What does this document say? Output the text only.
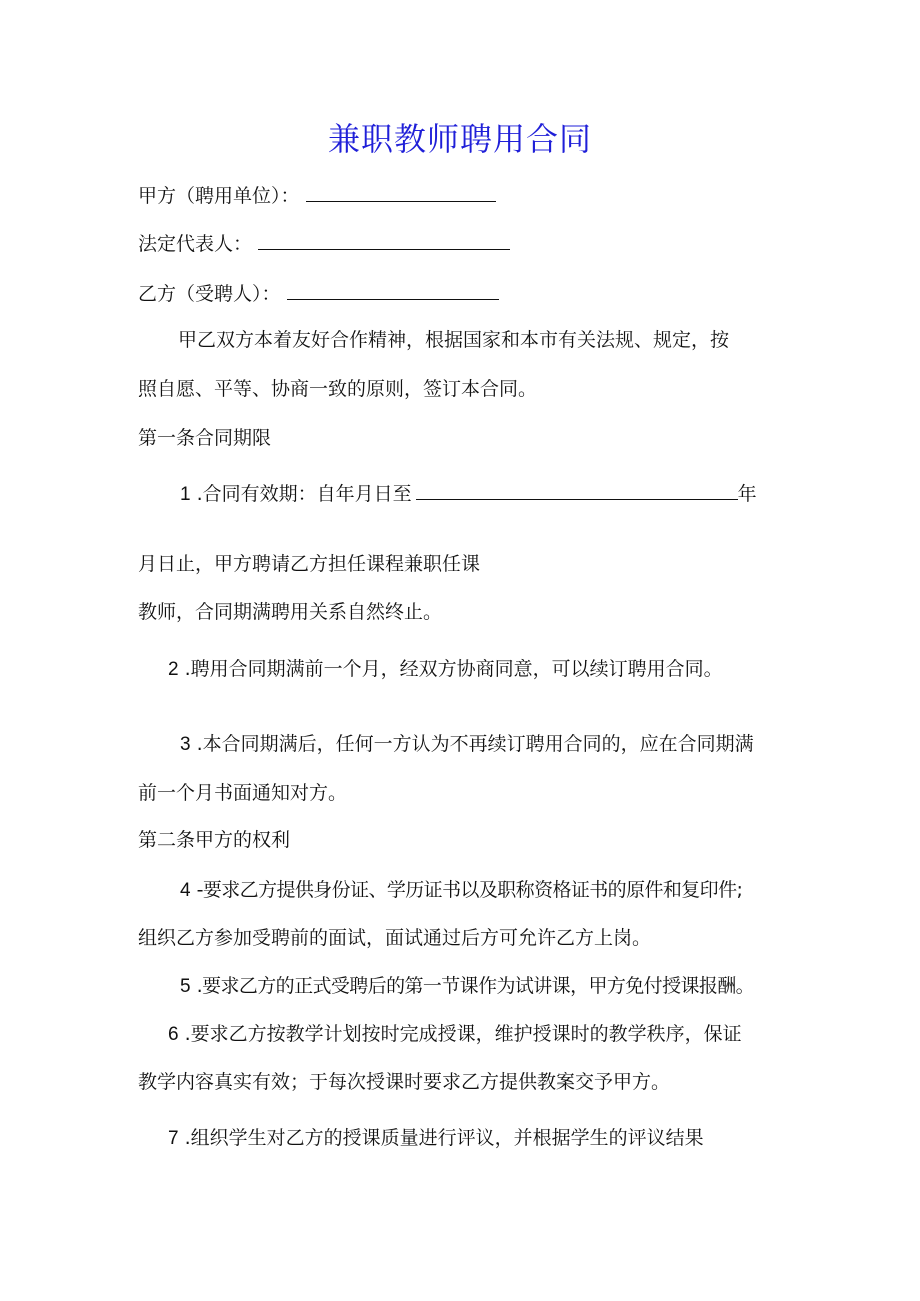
兼职教师聘用合同
甲方（聘用单位）：
法定代表人：
乙方（受聘人）：
甲乙双方本着友好合作精神，根据国家和本市有关法规、规定，按
照自愿、平等、协商一致的原则，签订本合同。
第一条合同期限
1 .合同有效期：自年月日至	年
月日止，甲方聘请乙方担任课程兼职任课
教师，合同期满聘用关系自然终止。
2 .聘用合同期满前一个月，经双方协商同意，可以续订聘用合同。
3 .本合同期满后，任何一方认为不再续订聘用合同的，应在合同期满
前一个月书面通知对方。
第二条甲方的权利
4 -要求乙方提供身份证、学历证书以及职称资格证书的原件和复印件;
组织乙方参加受聘前的面试，面试通过后方可允许乙方上岗。
5 .要求乙方的正式受聘后的第一节课作为试讲课，甲方免付授课报酬。
6 .要求乙方按教学计划按时完成授课，维护授课时的教学秩序，保证
教学内容真实有效；于每次授课时要求乙方提供教案交予甲方。
7 .组织学生对乙方的授课质量进行评议，并根据学生的评议结果
